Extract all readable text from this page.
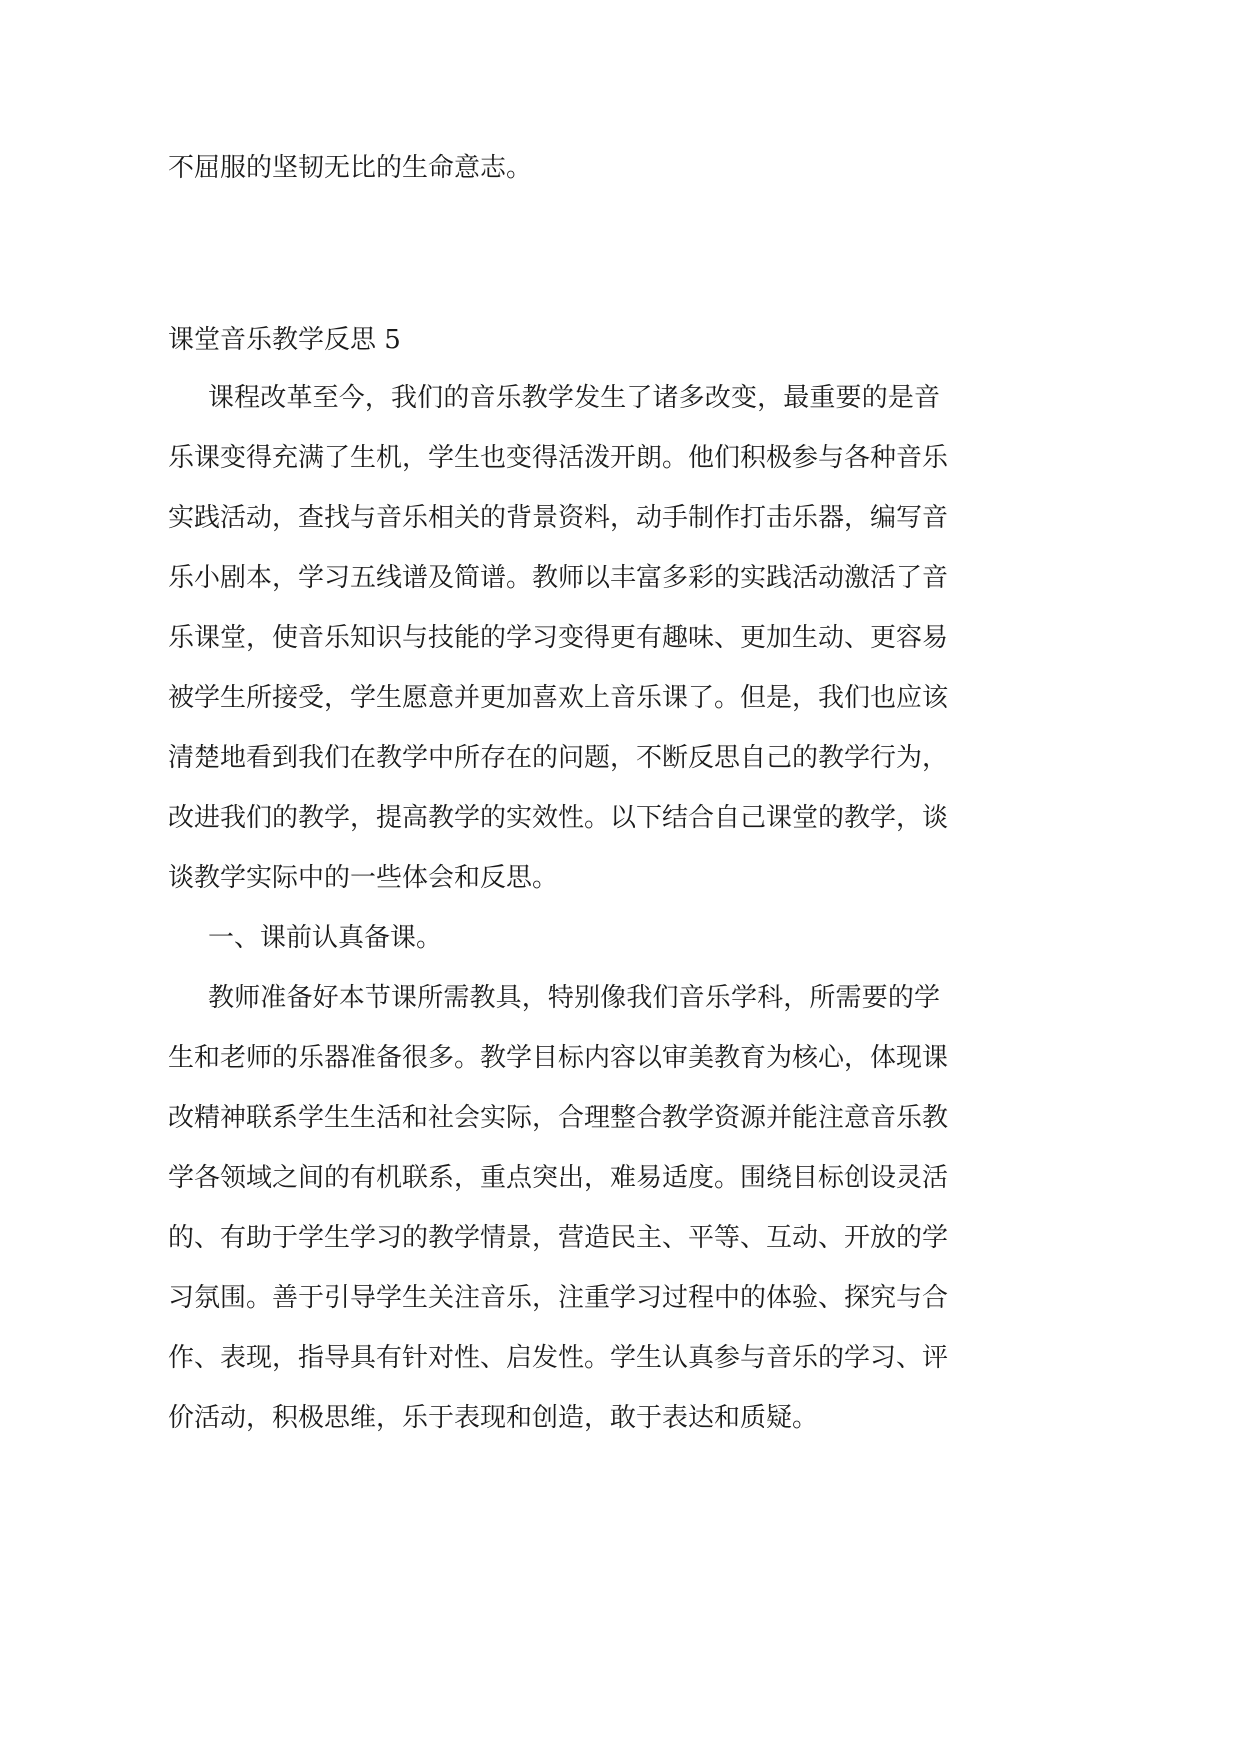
不屈服的坚韧无比的生命意志。
课堂音乐教学反思 5
课程改革至今，我们的音乐教学发生了诸多改变，最重要的是音
乐课变得充满了生机，学生也变得活泼开朗。他们积极参与各种音乐
实践活动，查找与音乐相关的背景资料，动手制作打击乐器，编写音
乐小剧本，学习五线谱及简谱。教师以丰富多彩的实践活动激活了音
乐课堂，使音乐知识与技能的学习变得更有趣味、更加生动、更容易
被学生所接受，学生愿意并更加喜欢上音乐课了。但是，我们也应该
清楚地看到我们在教学中所存在的问题，不断反思自己的教学行为，
改进我们的教学，提高教学的实效性。以下结合自己课堂的教学，谈
谈教学实际中的一些体会和反思。
一、课前认真备课。
教师准备好本节课所需教具，特别像我们音乐学科，所需要的学
生和老师的乐器准备很多。教学目标内容以审美教育为核心，体现课
改精神联系学生生活和社会实际，合理整合教学资源并能注意音乐教
学各领域之间的有机联系，重点突出，难易适度。围绕目标创设灵活
的、有助于学生学习的教学情景，营造民主、平等、互动、开放的学
习氛围。善于引导学生关注音乐，注重学习过程中的体验、探究与合
作、表现，指导具有针对性、启发性。学生认真参与音乐的学习、评
价活动，积极思维，乐于表现和创造，敢于表达和质疑。
